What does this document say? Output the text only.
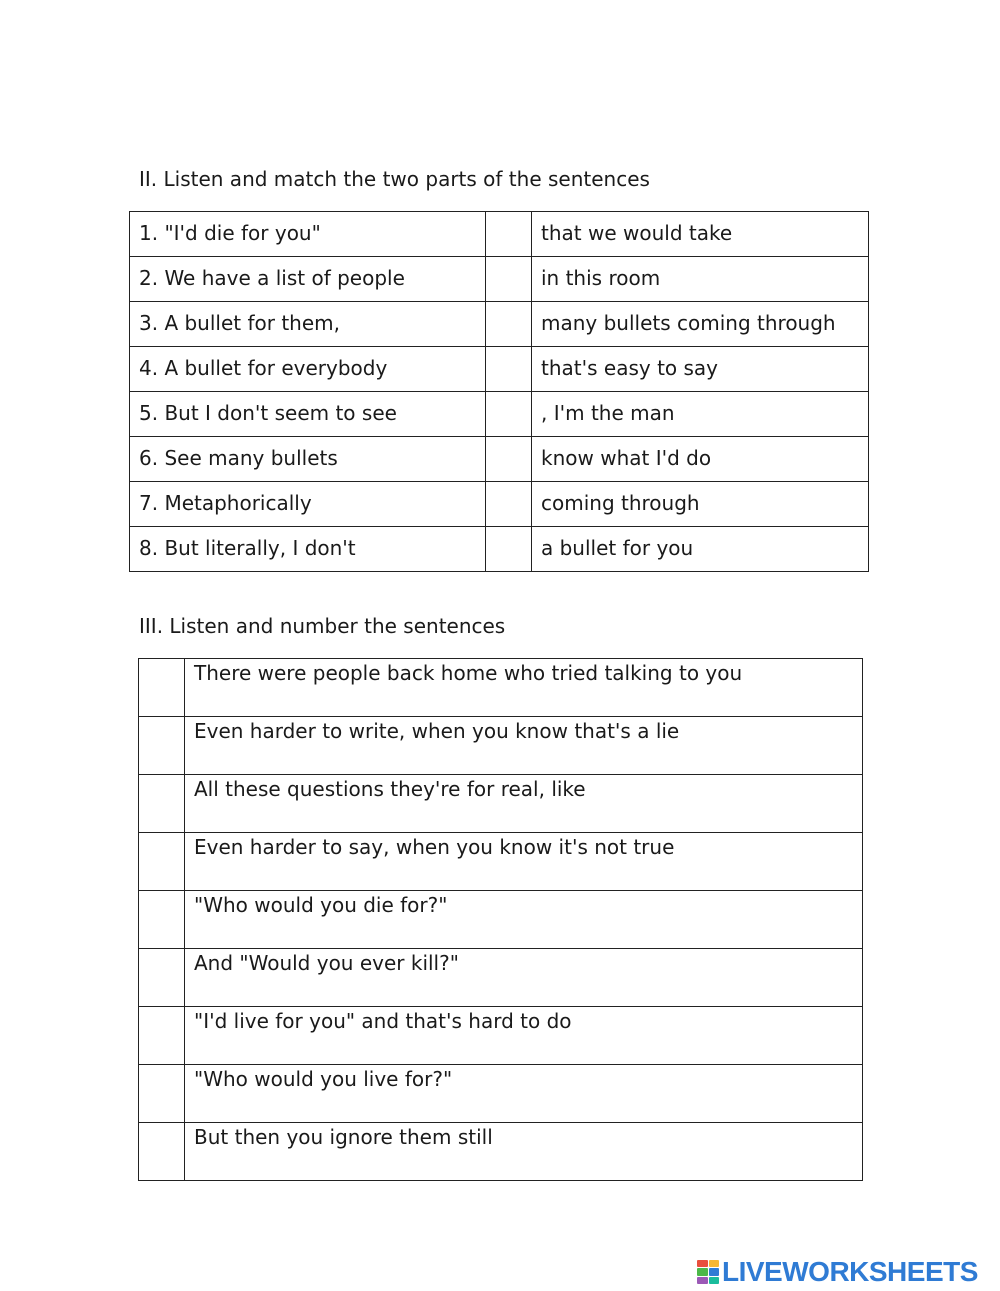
II. Listen and match the two parts of the sentences
1. "I'd die for you"		that we would take
2. We have a list of people		in this room
3. A bullet for them,		many bullets coming through
4. A bullet for everybody		that's easy to say
5. But I don't seem to see		, I'm the man
6. See many bullets		know what I'd do
7. Metaphorically		coming through
8. But literally, I don't		a bullet for you
III. Listen and number the sentences
	There were people back home who tried talking to you
	Even harder to write, when you know that's a lie
	All these questions they're for real, like
	Even harder to say, when you know it's not true
	"Who would you die for?"
	And "Would you ever kill?"
	"I'd live for you" and that's hard to do
	"Who would you live for?"
	But then you ignore them still
LIVEWORKSHEETS
